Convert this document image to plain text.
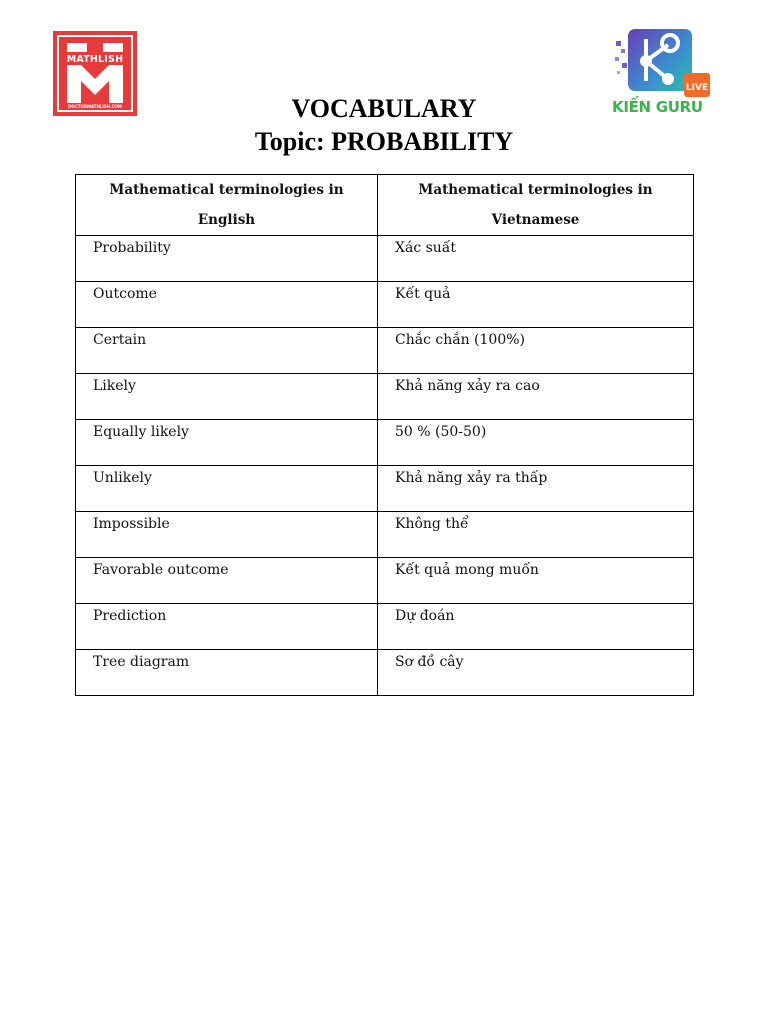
MATHLISH
DOCTORMATHLISH.COM
LIVE
KIẾN GURU
VOCABULARY
Topic: PROBABILITY
Mathematical terminologies in English	Mathematical terminologies in Vietnamese
Probability	Xác suất
Outcome	Kết quả
Certain	Chắc chắn (100%)
Likely	Khả năng xảy ra cao
Equally likely	50 % (50-50)
Unlikely	Khả năng xảy ra thấp
Impossible	Không thể
Favorable outcome	Kết quả mong muốn
Prediction	Dự đoán
Tree diagram	Sơ đồ cây
